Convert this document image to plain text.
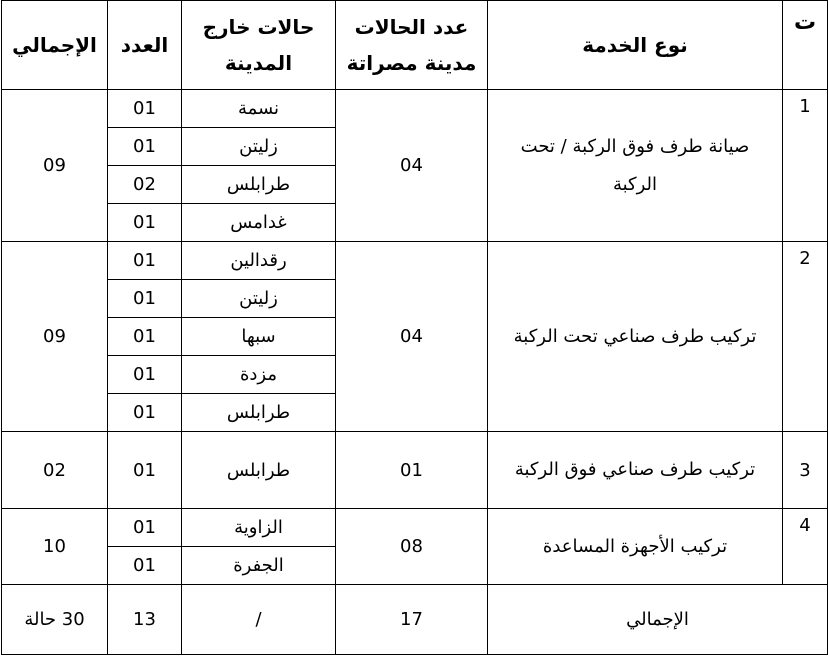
ت	نوع الخدمة	عدد الحالات مدينة مصراتة	حالات خارج المدينة	العدد	الإجمالي
1	صيانة طرف فوق الركبة / تحت الركبة	04	نسمة	01	09
			زليتن	01	
			طرابلس	02	
			غدامس	01	
2	تركيب طرف صناعي تحت الركبة	04	رقدالين	01	09
			زليتن	01	
			سبها	01	
			مزدة	01	
			طرابلس	01	
3	تركيب طرف صناعي فوق الركبة	01	طرابلس	01	02
4	تركيب الأجهزة المساعدة	08	الزاوية	01	10
			الجفرة	01	
الإجمالي		17	/	13	30 حالة
